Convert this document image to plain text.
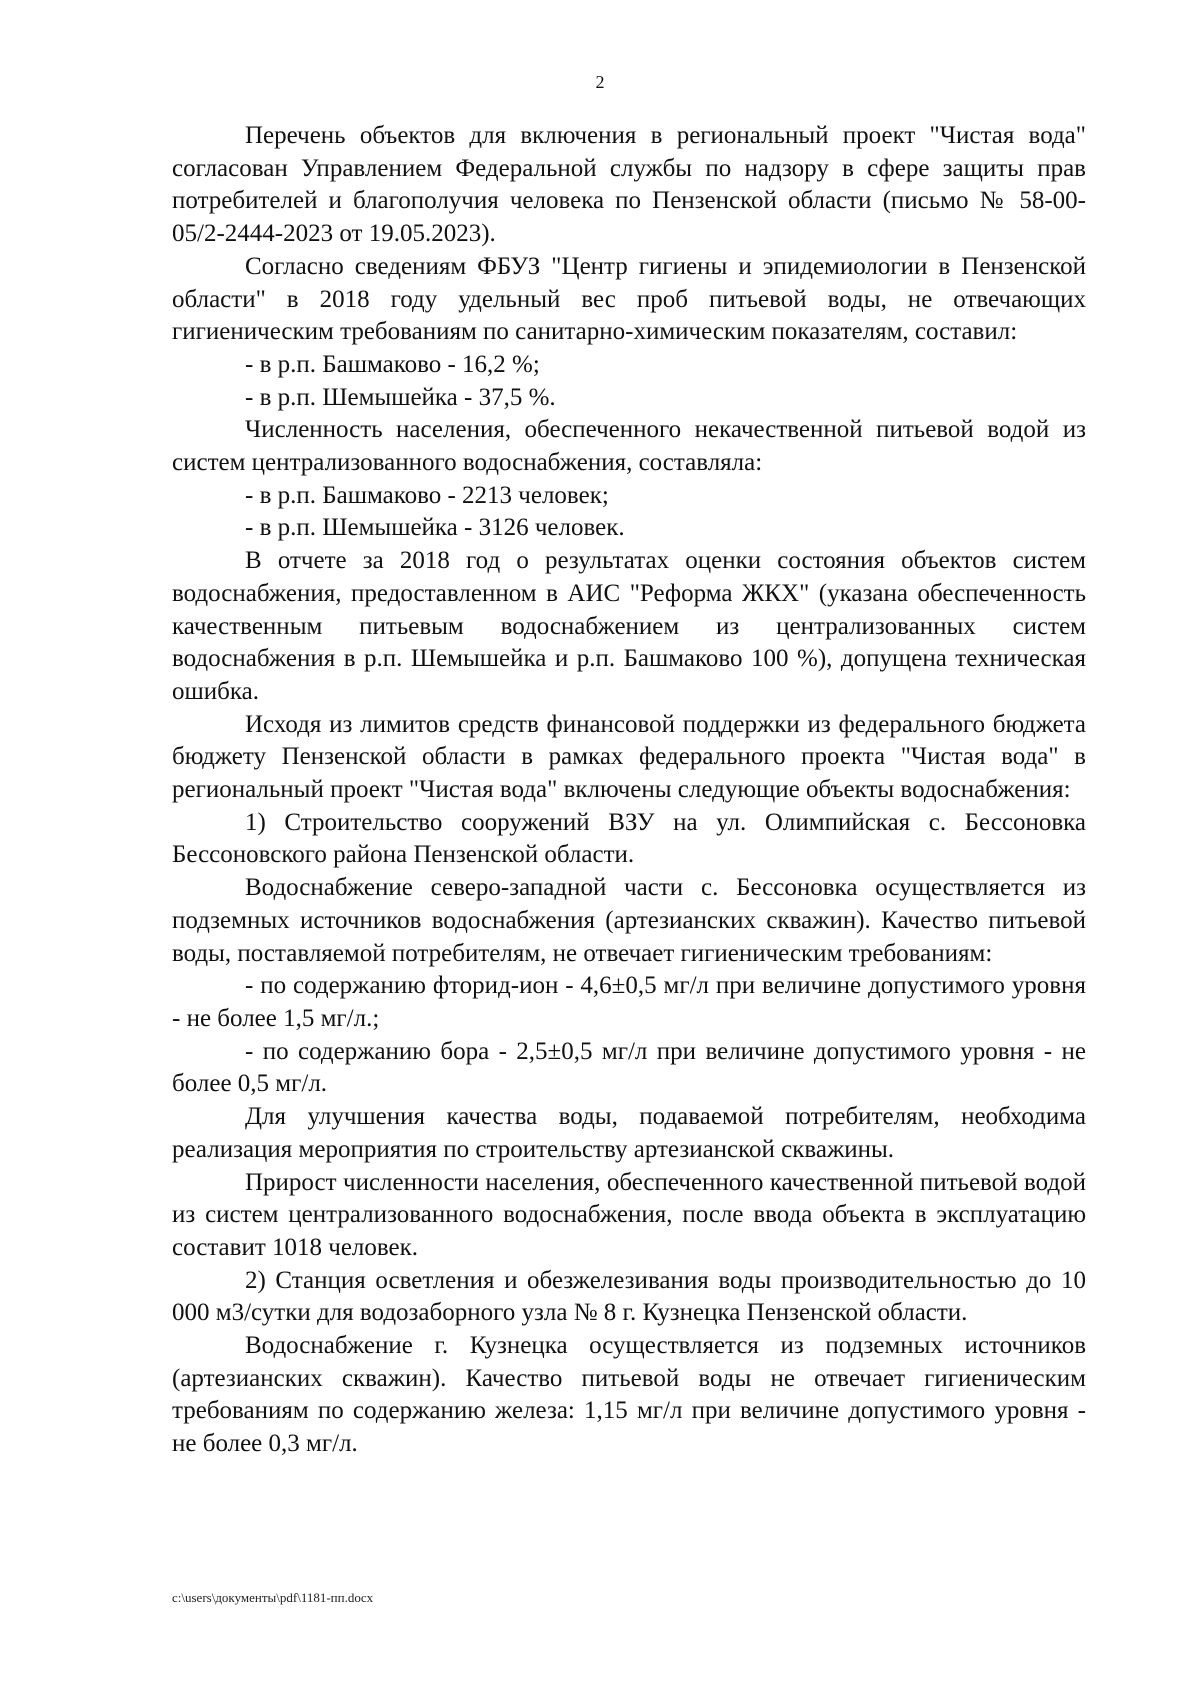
2

Перечень объектов для включения в региональный проект "Чистая вода" согласован Управлением Федеральной службы по надзору в сфере защиты прав потребителей и благополучия человека по Пензенской области (письмо № 58-00-05/2-2444-2023 от 19.05.2023).

Согласно сведениям ФБУЗ "Центр гигиены и эпидемиологии в Пензенской области" в 2018 году удельный вес проб питьевой воды, не отвечающих гигиеническим требованиям по санитарно-химическим показателям, составил:

- в р.п. Башмаково - 16,2 %;

- в р.п. Шемышейка - 37,5 %.

Численность населения, обеспеченного некачественной питьевой водой из систем централизованного водоснабжения, составляла:

- в р.п. Башмаково - 2213 человек;

- в р.п. Шемышейка - 3126 человек.

В отчете за 2018 год о результатах оценки состояния объектов систем водоснабжения, предоставленном в АИС "Реформа ЖКХ" (указана обеспеченность качественным питьевым водоснабжением из централизованных систем водоснабжения в р.п. Шемышейка и р.п. Башмаково 100 %), допущена техническая ошибка.

Исходя из лимитов средств финансовой поддержки из федерального бюджета бюджету Пензенской области в рамках федерального проекта "Чистая вода" в региональный проект "Чистая вода" включены следующие объекты водоснабжения:

1) Строительство сооружений ВЗУ на ул. Олимпийская с. Бессоновка Бессоновского района Пензенской области.

Водоснабжение северо-западной части с. Бессоновка осуществляется из подземных источников водоснабжения (артезианских скважин). Качество питьевой воды, поставляемой потребителям, не отвечает гигиеническим требованиям:

- по содержанию фторид-ион - 4,6±0,5 мг/л при величине допустимого уровня - не более 1,5 мг/л.;

- по содержанию бора - 2,5±0,5 мг/л при величине допустимого уровня - не более 0,5 мг/л.

Для улучшения качества воды, подаваемой потребителям, необходима реализация мероприятия по строительству артезианской скважины.

Прирост численности населения, обеспеченного качественной питьевой водой из систем централизованного водоснабжения, после ввода объекта в эксплуатацию составит 1018 человек.

2) Станция осветления и обезжелезивания воды производительностью до 10 000 м3/сутки для водозаборного узла № 8 г. Кузнецка Пензенской области.

Водоснабжение г. Кузнецка осуществляется из подземных источников (артезианских скважин). Качество питьевой воды не отвечает гигиеническим требованиям по содержанию железа: 1,15 мг/л при величине допустимого уровня - не более 0,3 мг/л.

c:\users\документы\pdf\1181-пп.docx
